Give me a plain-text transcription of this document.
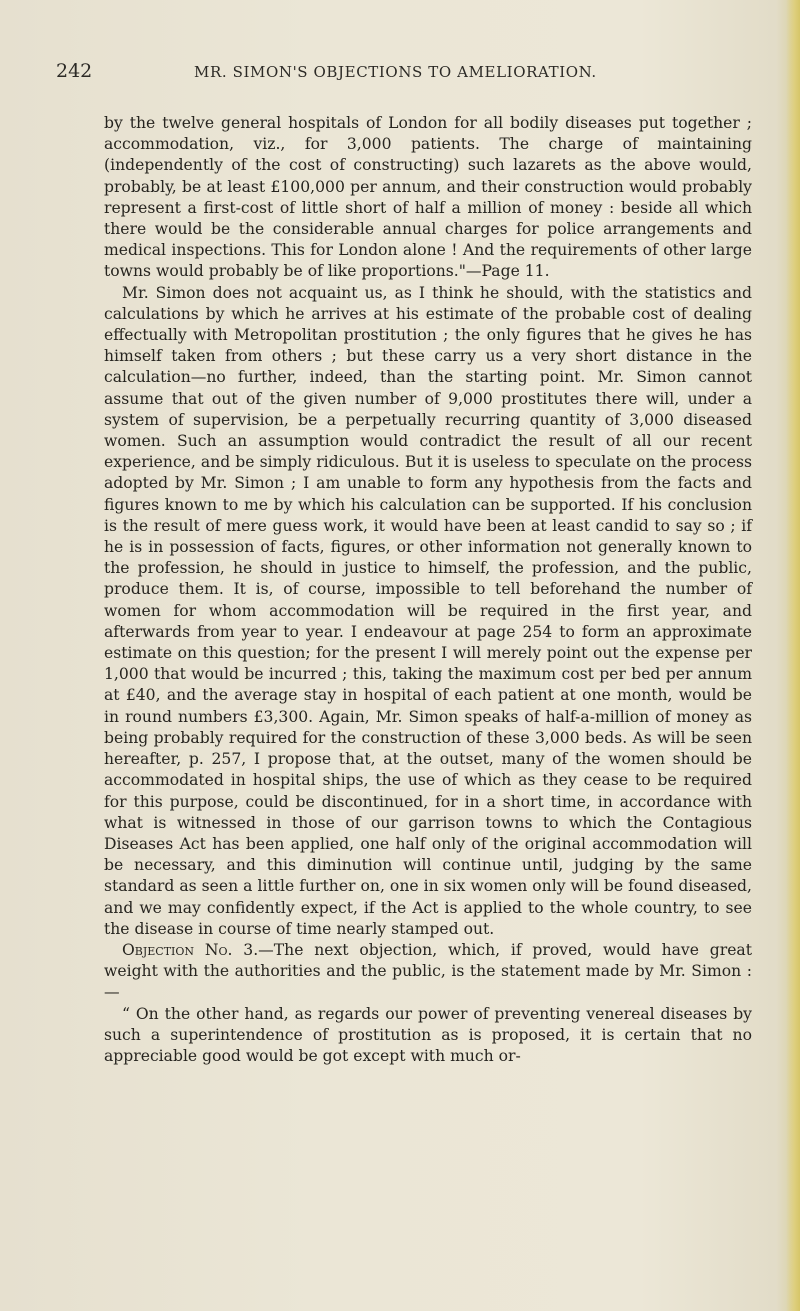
242	MR. SIMON'S OBJECTIONS TO AMELIORATION.

by the twelve general hospitals of London for all bodily diseases put together ; accommodation, viz., for 3,000 patients. The charge of maintaining (independently of the cost of constructing) such lazarets as the above would, probably, be at least £100,000 per annum, and their construction would probably represent a first-cost of little short of half a million of money : beside all which there would be the considerable annual charges for police arrangements and medical inspections. This for London alone ! And the requirements of other large towns would probably be of like proportions."—Page 11.

Mr. Simon does not acquaint us, as I think he should, with the statistics and calculations by which he arrives at his estimate of the probable cost of dealing effectually with Metropolitan prostitution ; the only figures that he gives he has himself taken from others ; but these carry us a very short distance in the calculation—no further, indeed, than the starting point. Mr. Simon cannot assume that out of the given number of 9,000 prostitutes there will, under a system of supervision, be a perpetually recurring quantity of 3,000 diseased women. Such an assumption would contradict the result of all our recent experience, and be simply ridiculous. But it is useless to speculate on the process adopted by Mr. Simon ; I am unable to form any hypothesis from the facts and figures known to me by which his calculation can be supported. If his conclusion is the result of mere guess work, it would have been at least candid to say so ; if he is in possession of facts, figures, or other information not generally known to the profession, he should in justice to himself, the profession, and the public, produce them. It is, of course, impossible to tell beforehand the number of women for whom accommodation will be required in the first year, and afterwards from year to year. I endeavour at page 254 to form an approximate estimate on this question; for the present I will merely point out the expense per 1,000 that would be incurred ; this, taking the maximum cost per bed per annum at £40, and the average stay in hospital of each patient at one month, would be in round numbers £3,300. Again, Mr. Simon speaks of half-a-million of money as being probably required for the construction of these 3,000 beds. As will be seen hereafter, p. 257, I propose that, at the outset, many of the women should be accommodated in hospital ships, the use of which as they cease to be required for this purpose, could be discontinued, for in a short time, in accordance with what is witnessed in those of our garrison towns to which the Contagious Diseases Act has been applied, one half only of the original accommodation will be necessary, and this diminution will continue until, judging by the same standard as seen a little further on, one in six women only will be found diseased, and we may confidently expect, if the Act is applied to the whole country, to see the disease in course of time nearly stamped out.

Objection No. 3.—The next objection, which, if proved, would have great weight with the authorities and the public, is the statement made by Mr. Simon :—

“ On the other hand, as regards our power of preventing venereal diseases by such a superintendence of prostitution as is proposed, it is certain that no appreciable good would be got except with much or-
